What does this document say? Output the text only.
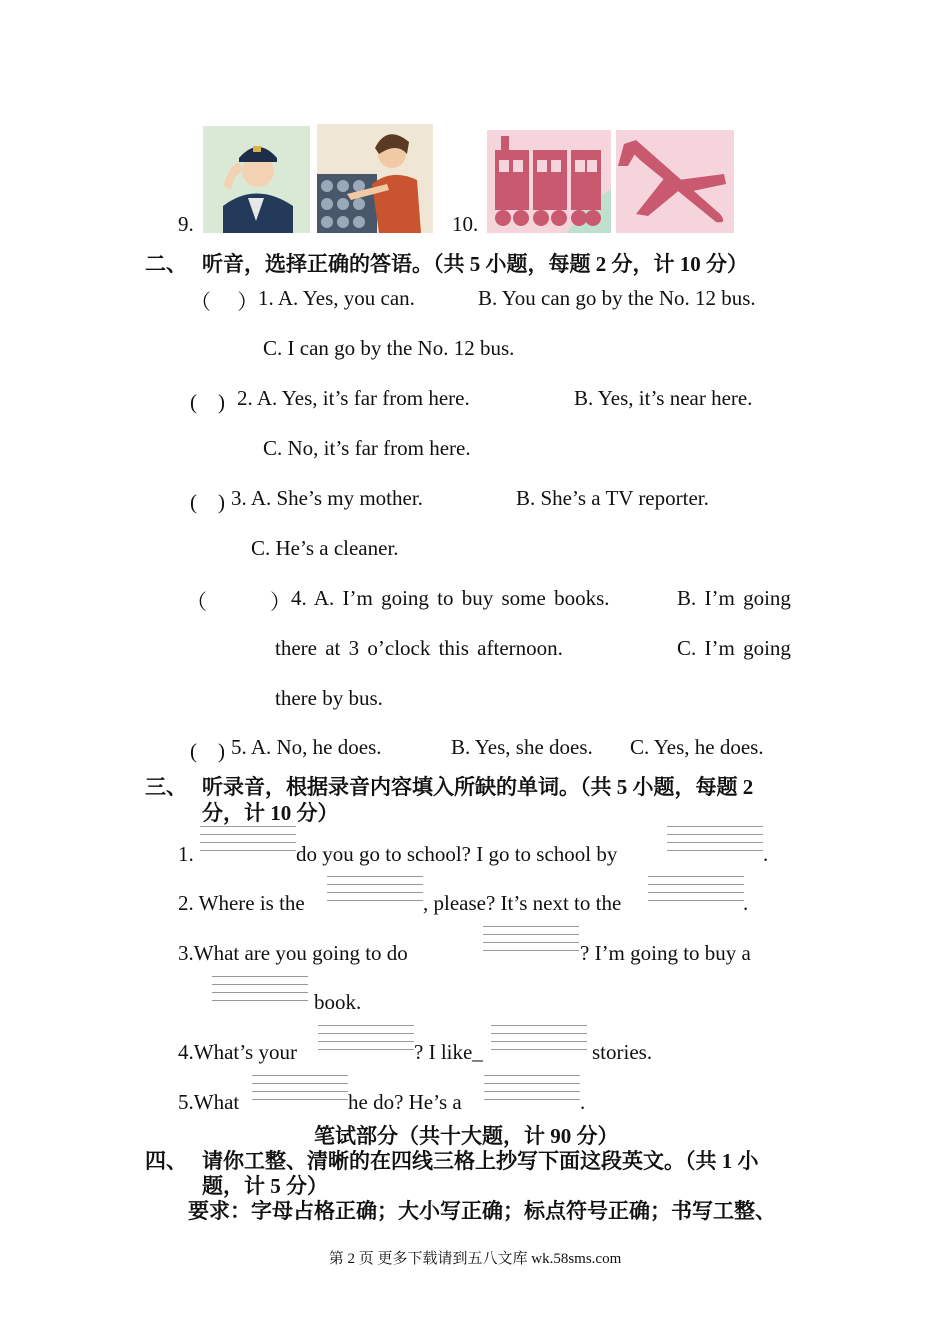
9.	10.
二、 听音，选择正确的答语。（共 5 小题，每题 2 分，计 10 分）
（　 ） 1. A. Yes, you can.	B. You can go by the No. 12 bus.
C. I can go by the No. 12 bus.
(　) 2. A. Yes, it’s far from here.	B. Yes, it’s near here.
C. No, it’s far from here.
(　) 3. A. She’s my mother.	B. She’s a TV reporter.
C. He’s a cleaner.
（　　　） 4. A. I’m going to buy some books.	B. I’m going
there at 3 o’clock this afternoon.	C. I’m going
there by bus.
(　) 5. A. No, he does.	B. Yes, she does. C. Yes, he does.
三、 听录音，根据录音内容填入所缺的单词。（共 5 小题，每题 2
分，计 10 分）
1.	do you go to school? I go to school by	.
2. Where is the	, please? It’s next to the	.
3.What are you going to do	? I’m going to buy a
book.
4.What’s your	? I like_	stories.
5.What	he do? He’s a	.
笔试部分（共十大题，计 90 分）
四、 请你工整、清晰的在四线三格上抄写下面这段英文。（共 1 小
题，计 5 分）
要求：字母占格正确；大小写正确；标点符号正确；书写工整、
第 2 页 更多下载请到五八文库 wk.58sms.com
